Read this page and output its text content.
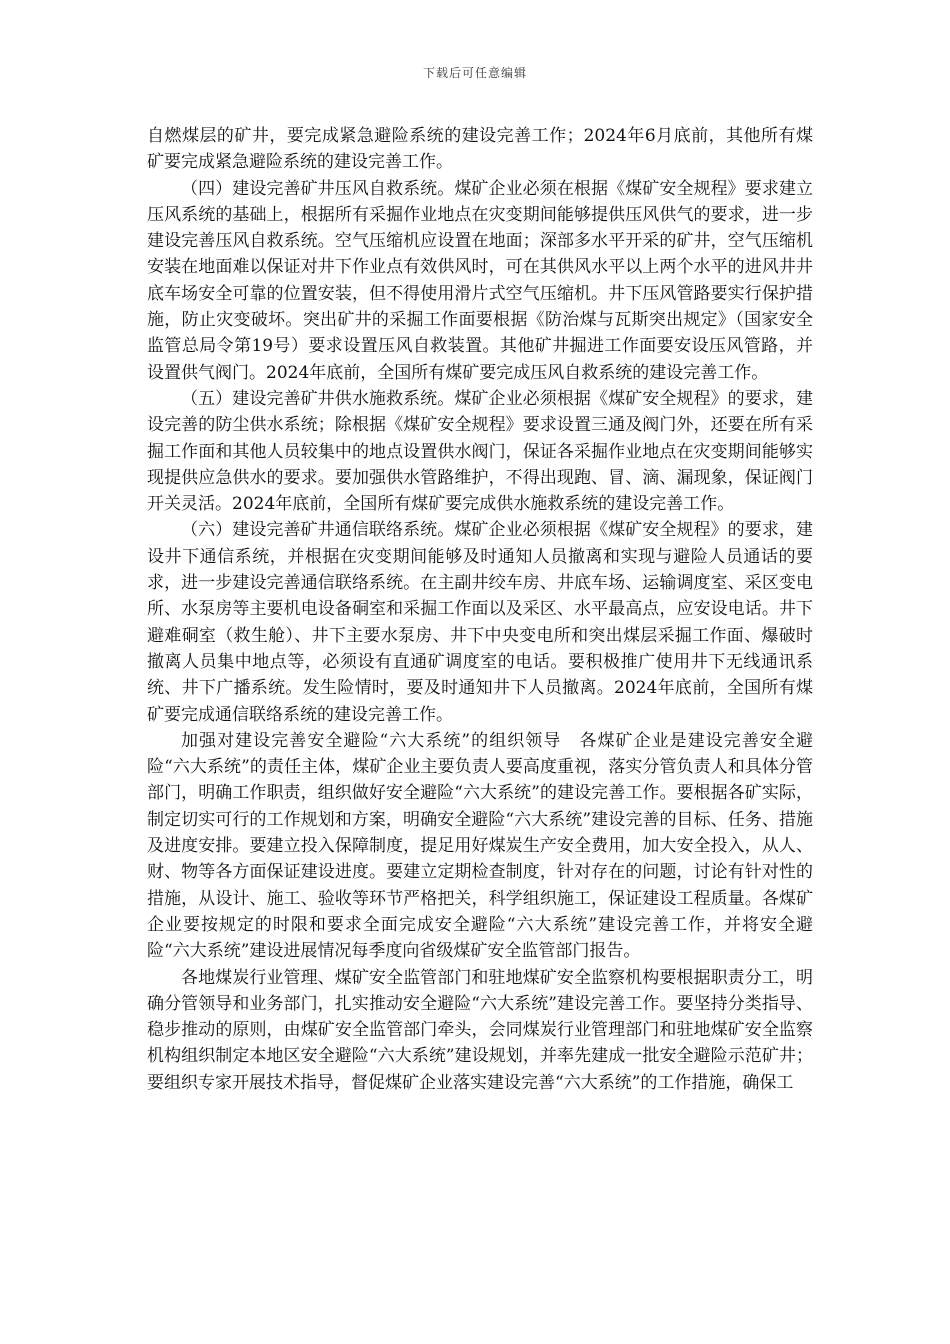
下载后可任意编辑

自燃煤层的矿井，要完成紧急避险系统的建设完善工作；2024年6月底前，其他所有煤矿要完成紧急避险系统的建设完善工作。

（四）建设完善矿井压风自救系统。煤矿企业必须在根据《煤矿安全规程》要求建立压风系统的基础上，根据所有采掘作业地点在灾变期间能够提供压风供气的要求，进一步建设完善压风自救系统。空气压缩机应设置在地面；深部多水平开采的矿井，空气压缩机安装在地面难以保证对井下作业点有效供风时，可在其供风水平以上两个水平的进风井井底车场安全可靠的位置安装，但不得使用滑片式空气压缩机。井下压风管路要实行保护措施，防止灾变破坏。突出矿井的采掘工作面要根据《防治煤与瓦斯突出规定》（国家安全监管总局令第19号）要求设置压风自救装置。其他矿井掘进工作面要安设压风管路，并设置供气阀门。2024年底前，全国所有煤矿要完成压风自救系统的建设完善工作。

（五）建设完善矿井供水施救系统。煤矿企业必须根据《煤矿安全规程》的要求，建设完善的防尘供水系统；除根据《煤矿安全规程》要求设置三通及阀门外，还要在所有采掘工作面和其他人员较集中的地点设置供水阀门，保证各采掘作业地点在灾变期间能够实现提供应急供水的要求。要加强供水管路维护，不得出现跑、冒、滴、漏现象，保证阀门开关灵活。2024年底前，全国所有煤矿要完成供水施救系统的建设完善工作。

（六）建设完善矿井通信联络系统。煤矿企业必须根据《煤矿安全规程》的要求，建设井下通信系统，并根据在灾变期间能够及时通知人员撤离和实现与避险人员通话的要求，进一步建设完善通信联络系统。在主副井绞车房、井底车场、运输调度室、采区变电所、水泵房等主要机电设备硐室和采掘工作面以及采区、水平最高点，应安设电话。井下避难硐室（救生舱）、井下主要水泵房、井下中央变电所和突出煤层采掘工作面、爆破时撤离人员集中地点等，必须设有直通矿调度室的电话。要积极推广使用井下无线通讯系统、井下广播系统。发生险情时，要及时通知井下人员撤离。2024年底前，全国所有煤矿要完成通信联络系统的建设完善工作。

加强对建设完善安全避险“六大系统”的组织领导　各煤矿企业是建设完善安全避险“六大系统”的责任主体，煤矿企业主要负责人要高度重视，落实分管负责人和具体分管部门，明确工作职责，组织做好安全避险“六大系统”的建设完善工作。要根据各矿实际，制定切实可行的工作规划和方案，明确安全避险“六大系统”建设完善的目标、任务、措施及进度安排。要建立投入保障制度，提足用好煤炭生产安全费用，加大安全投入，从人、财、物等各方面保证建设进度。要建立定期检查制度，针对存在的问题，讨论有针对性的措施，从设计、施工、验收等环节严格把关，科学组织施工，保证建设工程质量。各煤矿企业要按规定的时限和要求全面完成安全避险“六大系统”建设完善工作，并将安全避险“六大系统”建设进展情况每季度向省级煤矿安全监管部门报告。

各地煤炭行业管理、煤矿安全监管部门和驻地煤矿安全监察机构要根据职责分工，明确分管领导和业务部门，扎实推动安全避险“六大系统”建设完善工作。要坚持分类指导、稳步推动的原则，由煤矿安全监管部门牵头，会同煤炭行业管理部门和驻地煤矿安全监察机构组织制定本地区安全避险“六大系统”建设规划，并率先建成一批安全避险示范矿井；要组织专家开展技术指导，督促煤矿企业落实建设完善“六大系统”的工作措施，确保工
